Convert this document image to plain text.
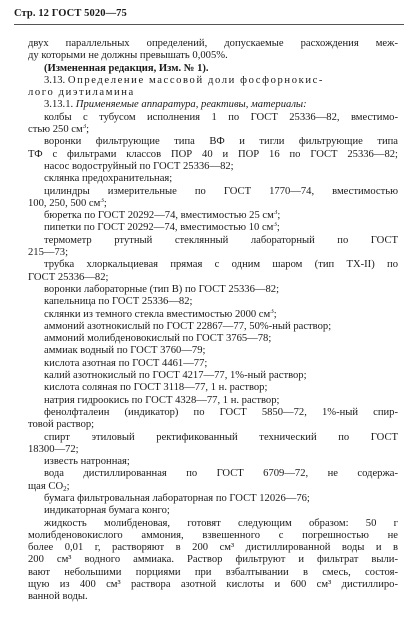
Стр. 12 ГОСТ 5020—75
двух параллельных определений, допускаемые расхождения меж-
ду которыми не должны превышать 0,005%.
(Измененная редакция, Изм. № 1).
3.13. Определение массовой доли фосфорнокис-
лого диэтиламина
3.13.1. Применяемые аппаратура, реактивы, материалы:
колбы с тубусом исполнения 1 по ГОСТ 25336—82, вместимо-
стью 250 $см^3$;
воронки фильтрующие типа ВФ и тигли фильтрующие типа
ТФ с фильтрами классов ПОР 40 и ПОР 16 по ГОСТ 25336—82;
насос водоструйный по ГОСТ 25336—82;
склянка предохранительная;
цилиндры измерительные по ГОСТ 1770—74, вместимостью
100, 250, 500 $см^3$;
бюретка по ГОСТ 20292—74, вместимостью 25 $см^3$;
пипетки по ГОСТ 20292—74, вместимостью 10 $см^3$;
термометр ртутный стеклянный лабораторный по ГОСТ
215—73;
трубка хлоркальциевая прямая с одним шаром (тип ТХ-II) по
ГОСТ 25336—82;
воронки лабораторные (тип В) по ГОСТ 25336—82;
капельница по ГОСТ 25336—82;
склянки из темного стекла вместимостью 2000 $см^3$;
аммоний азотнокислый по ГОСТ 22867—77, 50%-ный раствор;
аммоний молибденовокислый по ГОСТ 3765—78;
аммиак водный по ГОСТ 3760—79;
кислота азотная по ГОСТ 4461—77;
калий азотнокислый по ГОСТ 4217—77, 1%-ный раствор;
кислота соляная по ГОСТ 3118—77, 1 н. раствор;
натрия гидроокись по ГОСТ 4328—77, 1 н. раствор;
фенолфталеин (индикатор) по ГОСТ 5850—72, 1%-ный спир-
товой раствор;
спирт этиловый ректификованный технический по ГОСТ
18300—72;
известь натронная;
вода дистиллированная по ГОСТ 6709—72, не содержа-
щая $CO_2$;
бумага фильтровальная лабораторная по ГОСТ 12026—76;
индикаторная бумага конго;
жидкость молибденовая, готовят следующим образом: 50 г
молибденовокислого аммония, взвешенного с погрешностью не
более 0,01 г, растворяют в 200 см³ дистиллированной воды и в
200 см³ водного аммиака. Раствор фильтруют и фильтрат выли-
вают небольшими порциями при взбалтывании в смесь, состоя-
щую из 400 см³ раствора азотной кислоты и 600 см³ дистиллиро-
ванной воды.
